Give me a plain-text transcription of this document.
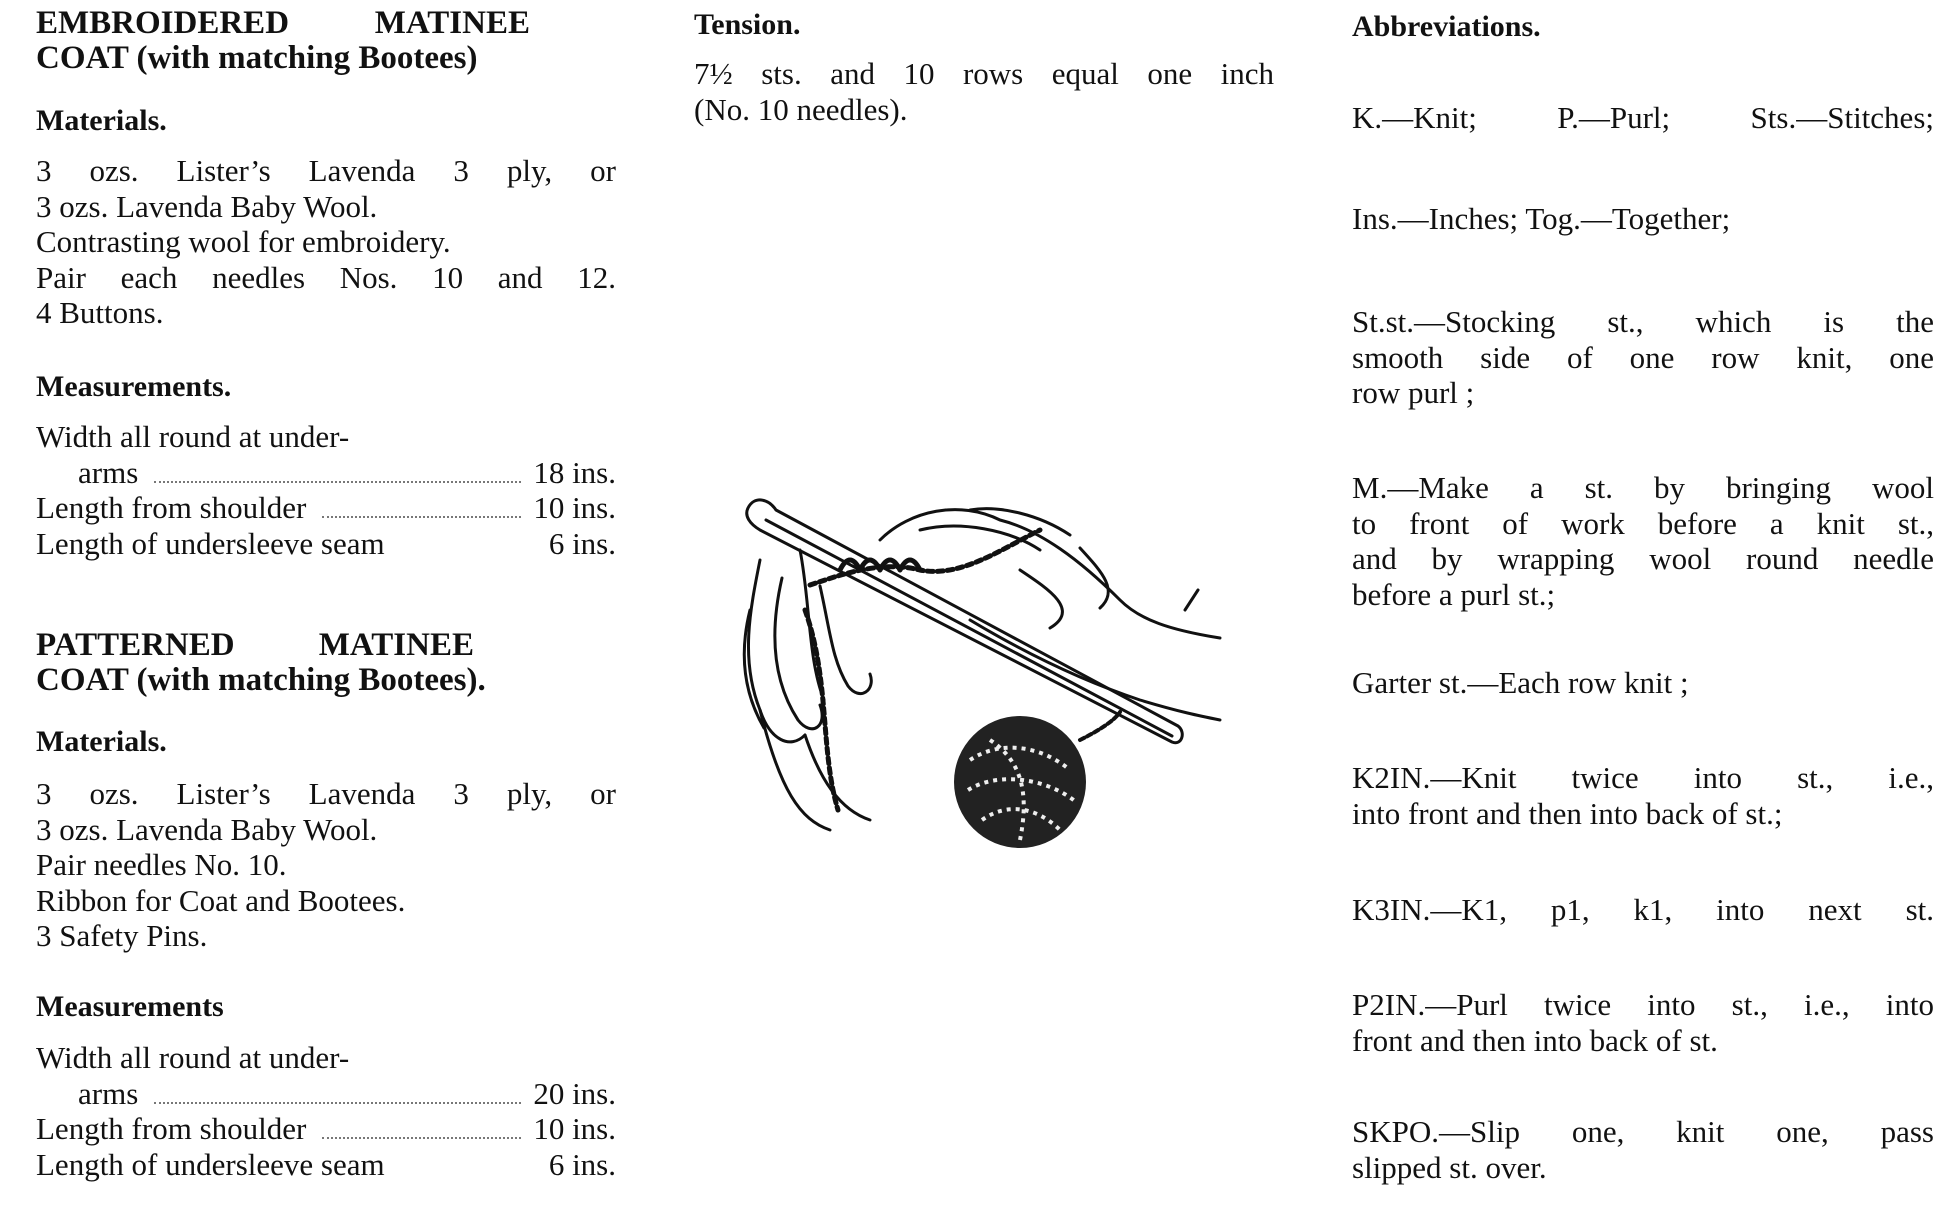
EMBROIDERED MATINEE

COAT (with matching Bootees)

Materials.

3 ozs. Lister’s Lavenda 3 ply, or

3 ozs. Lavenda Baby Wool.

Contrasting wool for embroidery.

Pair each needles Nos. 10 and 12.

4 Buttons.

Measurements.

Width all round at under-

arms	18 ins.
Length from shoulder	10 ins.
Length of undersleeve seam	6 ins.

PATTERNED MATINEE

COAT (with matching Bootees).

Materials.

3 ozs. Lister’s Lavenda 3 ply, or

3 ozs. Lavenda Baby Wool.

Pair needles No. 10.

Ribbon for Coat and Bootees.

3 Safety Pins.

Measurements

Width all round at under-

arms	20 ins.
Length from shoulder	10 ins.
Length of undersleeve seam	6 ins.

Tension.

7½ sts. and 10 rows equal one inch

(No. 10 needles).

Abbreviations.

K.—Knit; P.—Purl; Sts.—Stitches;

Ins.—Inches; Tog.—Together;

St.st.—Stocking st., which is the

smooth side of one row knit, one

row purl ;

M.—Make a st. by bringing wool

to front of work before a knit st.,

and by wrapping wool round needle

before a purl st.;

Garter st.—Each row knit ;

K2IN.—Knit twice into st., i.e.,

into front and then into back of st.;

K3IN.—K1, p1, k1, into next st.

P2IN.—Purl twice into st., i.e., into

front and then into back of st.

SKPO.—Slip one, knit one, pass

slipped st. over.
